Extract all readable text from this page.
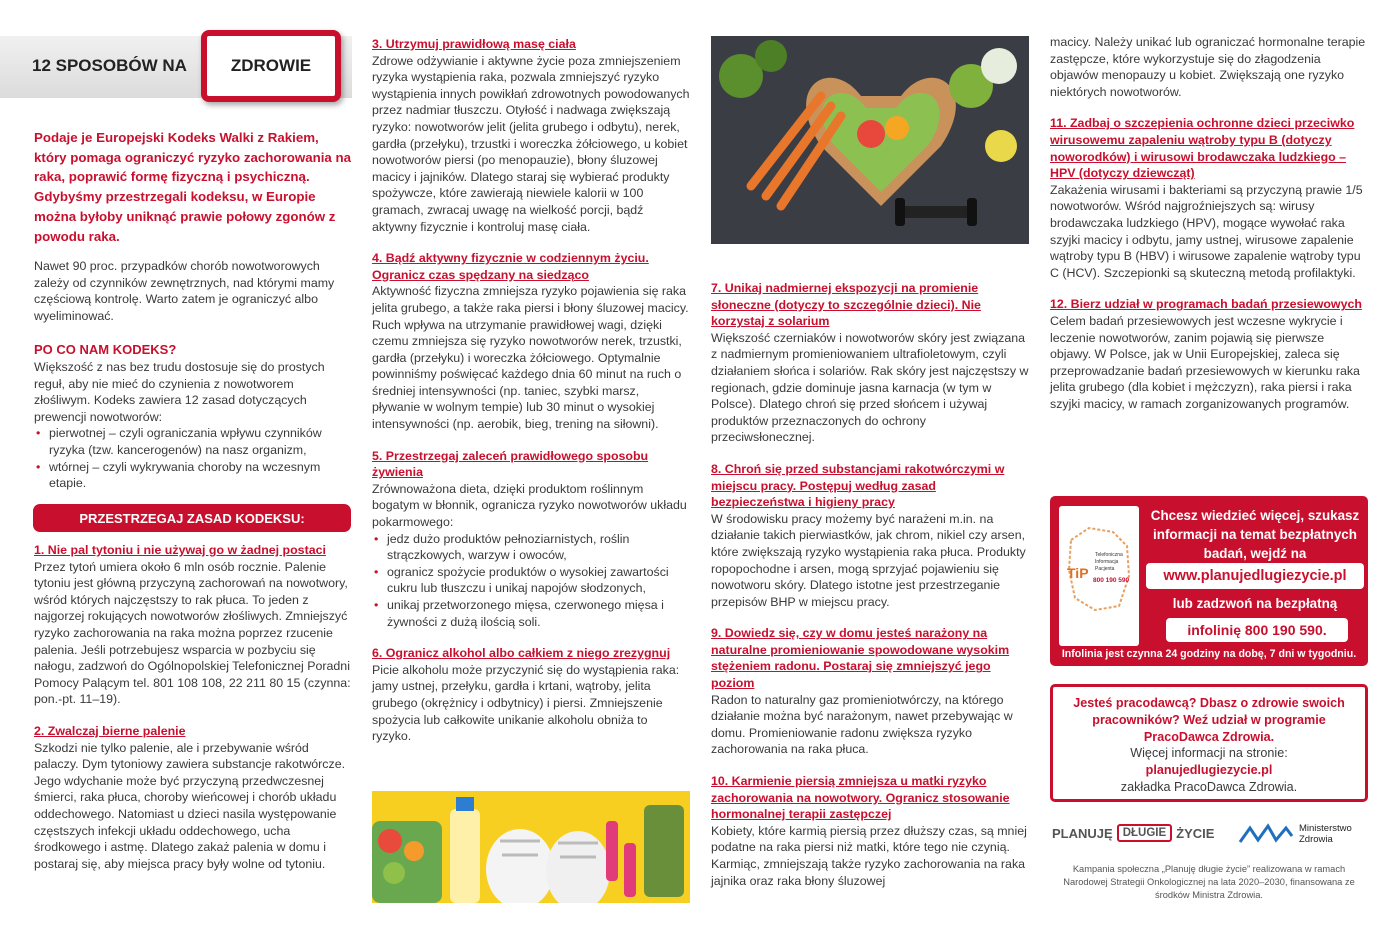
12 SPOSOBÓW NA	ZDROWIE
Podaje je Europejski Kodeks Walki z Rakiem, który pomaga ograniczyć ryzyko zachorowania na raka, poprawić formę fizyczną i psychiczną. Gdybyśmy przestrzegali kodeksu, w Europie można byłoby uniknąć prawie połowy zgonów z powodu raka.

Nawet 90 proc. przypadków chorób nowotworowych zależy od czynników zewnętrznych, nad którymi mamy częściową kontrolę. Warto zatem je ograniczyć albo wyeliminować.

PO CO NAM KODEKS?

Większość z nas bez trudu dostosuje się do prostych reguł, aby nie mieć do czynienia z nowotworem złośliwym. Kodeks zawiera 12 zasad dotyczących prewencji nowotworów:

• pierwotnej – czyli ograniczania wpływu czynników ryzyka (tzw. kancerogenów) na nasz organizm,
• wtórnej – czyli wykrywania choroby na wczesnym etapie.
PRZESTRZEGAJ ZASAD KODEKSU:

1. Nie pal tytoniu i nie używaj go w żadnej postaci

Przez tytoń umiera około 6 mln osób rocznie. Palenie tytoniu jest główną przyczyną zachorowań na nowotwory, wśród których najczęstszy to rak płuca. To jeden z najgorzej rokujących nowotworów złośliwych. Zmniejszyć ryzyko zachorowania na raka można poprzez rzucenie palenia. Jeśli potrzebujesz wsparcia w pozbyciu się nałogu, zadzwoń do Ogólnopolskiej Telefonicznej Poradni Pomocy Palącym tel. 801 108 108, 22 211 80 15 (czynna: pon.-pt. 11–19).

2. Zwalczaj bierne palenie

Szkodzi nie tylko palenie, ale i przebywanie wśród palaczy. Dym tytoniowy zawiera substancje rakotwórcze. Jego wdychanie może być przyczyną przedwczesnej śmierci, raka płuca, choroby wieńcowej i chorób układu oddechowego. Natomiast u dzieci nasila występowanie częstszych infekcji układu oddechowego, ucha środkowego i astmę. Dlatego zakaż palenia w domu i postaraj się, aby miejsca pracy były wolne od tytoniu.

3. Utrzymuj prawidłową masę ciała

Zdrowe odżywianie i aktywne życie poza zmniejszeniem ryzyka wystąpienia raka, pozwala zmniejszyć ryzyko wystąpienia innych powikłań zdrowotnych powodowanych przez nadmiar tłuszczu. Otyłość i nadwaga zwiększają ryzyko: nowotworów jelit (jelita grubego i odbytu), nerek, gardła (przełyku), trzustki i woreczka żółciowego, u kobiet nowotworów piersi (po menopauzie), błony śluzowej macicy i jajników. Dlatego staraj się wybierać produkty spożywcze, które zawierają niewiele kalorii w 100 gramach, zwracaj uwagę na wielkość porcji, bądź aktywny fizycznie i kontroluj masę ciała.

4. Bądź aktywny fizycznie w codziennym życiu. Ogranicz czas spędzany na siedząco

Aktywność fizyczna zmniejsza ryzyko pojawienia się raka jelita grubego, a także raka piersi i błony śluzowej macicy. Ruch wpływa na utrzymanie prawidłowej wagi, dzięki czemu zmniejsza się ryzyko nowotworów nerek, trzustki, gardła (przełyku) i woreczka żółciowego. Optymalnie powinniśmy poświęcać każdego dnia 60 minut na ruch o średniej intensywności (np. taniec, szybki marsz, pływanie w wolnym tempie) lub 30 minut o wysokiej intensywności (np. aerobik, bieg, trening na siłowni).

5. Przestrzegaj zaleceń prawidłowego sposobu żywienia

Zrównoważona dieta, dzięki produktom roślinnym bogatym w błonnik, ogranicza ryzyko nowotworów układu pokarmowego:

• jedz dużo produktów pełnoziarnistych, roślin strączkowych, warzyw i owoców,
• ogranicz spożycie produktów o wysokiej zawartości cukru lub tłuszczu i unikaj napojów słodzonych,
• unikaj przetworzonego mięsa, czerwonego mięsa i żywności z dużą ilością soli.

6. Ogranicz alkohol albo całkiem z niego zrezygnuj

Picie alkoholu może przyczynić się do wystąpienia raka: jamy ustnej, przełyku, gardła i krtani, wątroby, jelita grubego (okrężnicy i odbytnicy) i piersi. Zmniejszenie spożycia lub całkowite unikanie alkoholu obniża to ryzyko.

7. Unikaj nadmiernej ekspozycji na promienie słoneczne (dotyczy to szczególnie dzieci). Nie korzystaj z solarium

Większość czerniaków i nowotworów skóry jest związana z nadmiernym promieniowaniem ultrafioletowym, czyli działaniem słońca i solariów. Rak skóry jest najczęstszy w regionach, gdzie dominuje jasna karnacja (w tym w Polsce). Dlatego chroń się przed słońcem i używaj produktów przeznaczonych do ochrony przeciwsłonecznej.

8. Chroń się przed substancjami rakotwórczymi w miejscu pracy. Postępuj według zasad bezpieczeństwa i higieny pracy

W środowisku pracy możemy być narażeni m.in. na działanie takich pierwiastków, jak chrom, nikiel czy arsen, które zwiększają ryzyko wystąpienia raka płuca. Produkty ropopochodne i arsen, mogą sprzyjać pojawieniu się nowotworu skóry. Dlatego istotne jest przestrzeganie przepisów BHP w miejscu pracy.

9. Dowiedz się, czy w domu jesteś narażony na naturalne promieniowanie spowodowane wysokim stężeniem radonu. Postaraj się zmniejszyć jego poziom

Radon to naturalny gaz promieniotwórczy, na którego działanie można być narażonym, nawet przebywając w domu. Promieniowanie radonu zwiększa ryzyko zachorowania na raka płuca.

10. Karmienie piersią zmniejsza u matki ryzyko zachorowania na nowotwory. Ogranicz stosowanie hormonalnej terapii zastępczej

Kobiety, które karmią piersią przez dłuższy czas, są mniej podatne na raka piersi niż matki, które tego nie czynią. Karmiąc, zmniejszają także ryzyko zachorowania na raka jajnika oraz raka błony śluzowej

macicy. Należy unikać lub ograniczać hormonalne terapie zastępcze, które wykorzystuje się do złagodzenia objawów menopauzy u kobiet. Zwiększają one ryzyko niektórych nowotworów.

11. Zadbaj o szczepienia ochronne dzieci przeciwko wirusowemu zapaleniu wątroby typu B (dotyczy noworodków) i wirusowi brodawczaka ludzkiego – HPV (dotyczy dziewcząt)

Zakażenia wirusami i bakteriami są przyczyną prawie 1/5 nowotworów. Wśród najgroźniejszych są: wirusy brodawczaka ludzkiego (HPV), mogące wywołać raka szyjki macicy i odbytu, jamy ustnej, wirusowe zapalenie wątroby typu B (HBV) i wirusowe zapalenie wątroby typu C (HCV). Szczepionki są skuteczną metodą profilaktyki.

12. Bierz udział w programach badań przesiewowych

Celem badań przesiewowych jest wczesne wykrycie i leczenie nowotworów, zanim pojawią się pierwsze objawy. W Polsce, jak w Unii Europejskiej, zaleca się przeprowadzanie badań przesiewowych w kierunku raka jelita grubego (dla kobiet i mężczyzn), raka piersi i raka szyjki macicy, w ramach zorganizowanych programów.

TiP
Telefoniczna
Informacja
Pacjenta
800 190 590
Chcesz wiedzieć więcej, szukasz informacji na temat bezpłatnych badań, wejdź na
www.planujedlugiezycie.pl
lub zadzwoń na bezpłatną
infolinię 800 190 590.
Infolinia jest czynna 24 godziny na dobę, 7 dni w tygodniu.

Jesteś pracodawcą? Dbasz o zdrowie swoich pracowników? Weź udział w programie PracoDawca Zdrowia.

Więcej informacji na stronie:

planujedlugiezycie.pl

zakładka PracoDawca Zdrowia.

PLANUJĘ DŁUGIE ŻYCIE	Ministerstwo
Zdrowia
Kampania społeczna „Planuję długie życie” realizowana w ramach Narodowej Strategii Onkologicznej na lata 2020–2030, finansowana ze środków Ministra Zdrowia.
